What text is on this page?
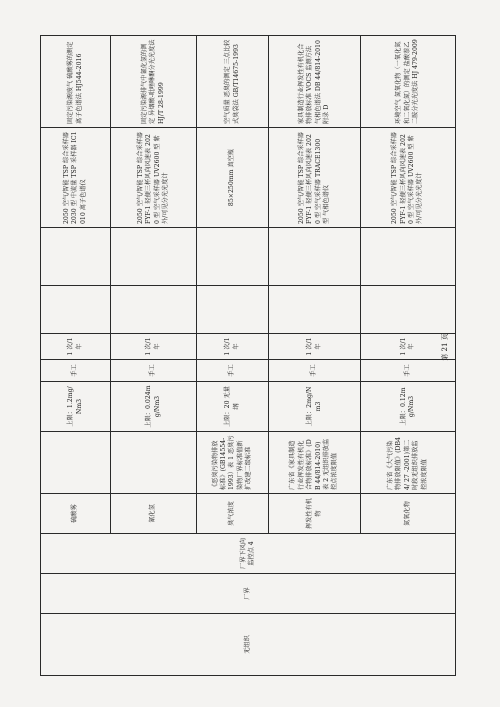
无组织	厂界	厂界下风向监控点 4	硫酸雾		上限：1.2mg/Nm3	手工	1 次/1 年			2050 空气/智能 TSP 综合采样器 2030 型 中流量 TSP 采样器 IC1010 离子色谱仪	固定污染源废气 硫酸雾的测定 离子色谱法 HJ544-2016
			氰化氢		上限：0.024mg/Nm3	手工	1 次/1 年			2050 空气/智能 TSP 综合采样器 FYF-1 轻便三杯风向风速表 2020 型 空气采样器 UV2600 型 紫外/可见分光光度计	固定污染源排气中氰化氢的测定 异烟酸-吡唑啉酮分光光度法 HJ/T 28-1999
			臭气浓度	《恶臭污染物排放标准》(GB14554-1993）表 1 恶臭污染物厂界标准值新扩改建二级标准	上限：20 无量纲	手工	1 次/1 年			85×250mm 真空瓶	空气质量 恶臭的测定 三点比较式臭袋法 GB/T14675-1993
			挥发性有机物	广东省《家具制造行业挥发性有机化合物排放标准》(DB 44/814-2010) 表 2 无组织排放监控点浓度限值	上限：2mg/Nm3	手工	1 次/1 年			2050 空气/智能 TSP 综合采样器 FYF-1 轻便三杯风向风速表 2020 型 空气采样器 TRACE1300 型 气相色谱仪	家具制造行业挥发性有机化合物排放标准 VOCS 监测方法 气相色谱法 DB 44/814-2010 附录 D
			氮氧化物	广东省《大气污染物排放限值》(DB44/ 27 -2001)第二时段无组织排放监控浓度限值	上限：0.12mg/Nm3	手工	1 次/1 年			2050 空气/智能 TSP 综合采样器 FYF-1 轻便三杯风向风速表 2020 型 空气采样器 UV2600 型 紫外/可见分光光度计	环境空气 氮氧化物（一氧化氮和二氧化氮）的测定 盐酸萘乙二胺分光光度法 HJ 479-2009
第 21 页
